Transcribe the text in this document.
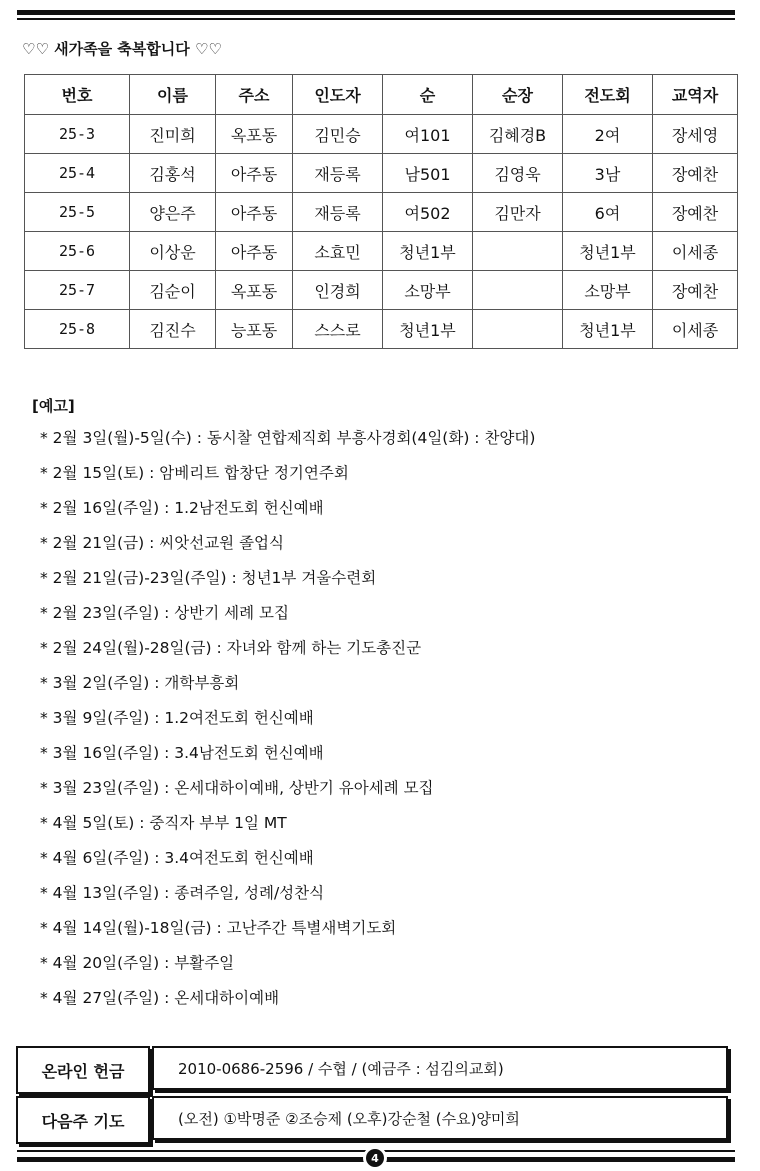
♡♡ 새가족을 축복합니다 ♡♡
번호	이름	주소	인도자	순	순장	전도회	교역자
25-3	진미희	옥포동	김민승	여101	김혜경B	2여	장세영
25-4	김홍석	아주동	재등록	남501	김영욱	3남	장예찬
25-5	양은주	아주동	재등록	여502	김만자	6여	장예찬
25-6	이상운	아주동	소효민	청년1부		청년1부	이세종
25-7	김순이	옥포동	인경희	소망부		소망부	장예찬
25-8	김진수	능포동	스스로	청년1부		청년1부	이세종
[예고]
* 2월 3일(월)-5일(수) : 동시찰 연합제직회 부흥사경회(4일(화) : 찬양대)
* 2월 15일(토) : 암베리트 합창단 정기연주회
* 2월 16일(주일) : 1.2남전도회 헌신예배
* 2월 21일(금) : 씨앗선교원 졸업식
* 2월 21일(금)-23일(주일) : 청년1부 겨울수련회
* 2월 23일(주일) : 상반기 세례 모집
* 2월 24일(월)-28일(금) : 자녀와 함께 하는 기도총진군
* 3월 2일(주일) : 개학부흥회
* 3월 9일(주일) : 1.2여전도회 헌신예배
* 3월 16일(주일) : 3.4남전도회 헌신예배
* 3월 23일(주일) : 온세대하이예배, 상반기 유아세례 모집
* 4월 5일(토) : 중직자 부부 1일 MT
* 4월 6일(주일) : 3.4여전도회 헌신예배
* 4월 13일(주일) : 종려주일, 성례/성찬식
* 4월 14일(월)-18일(금) : 고난주간 특별새벽기도회
* 4월 20일(주일) : 부활주일
* 4월 27일(주일) : 온세대하이예배
온라인 헌금	2010-0686-2596 / 수협 / (예금주 : 섬김의교회)
다음주 기도	(오전) ①박명준 ②조승제 (오후)강순철 (수요)양미희
4
